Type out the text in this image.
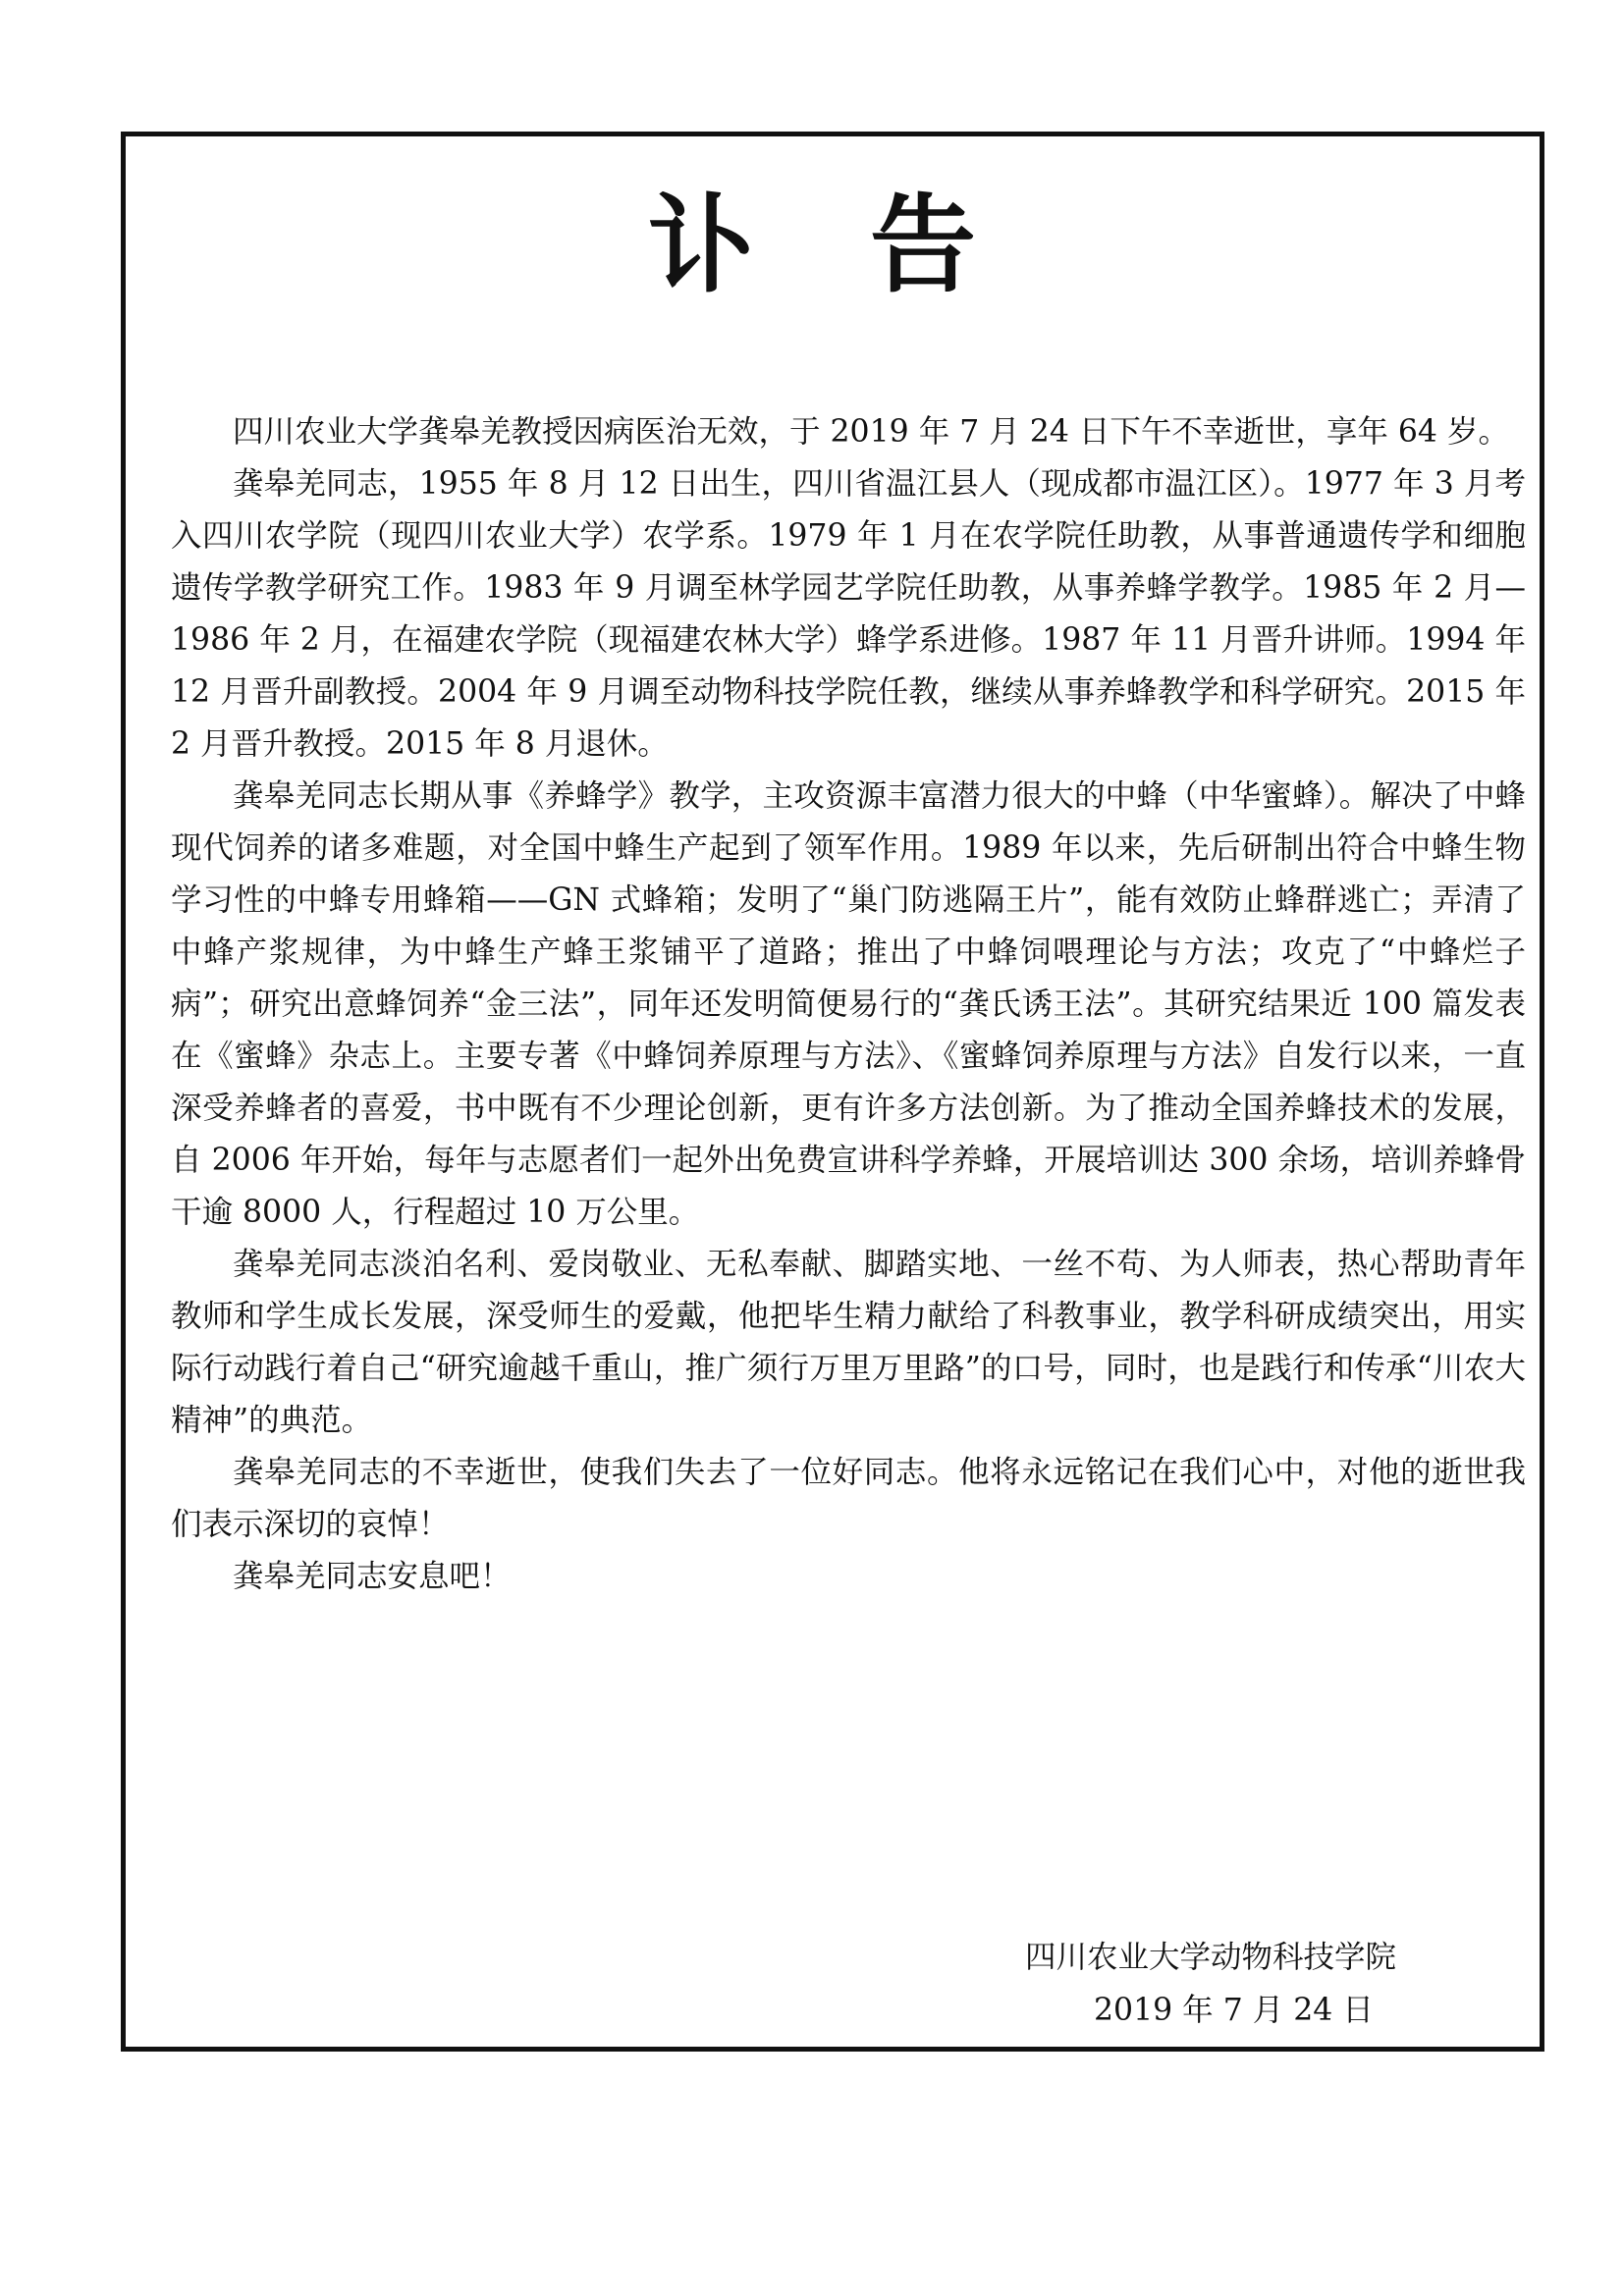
讣告

四川农业大学龚皋羌教授因病医治无效，于 2019 年 7 月 24 日下午不幸逝世，享年 64 岁。

龚皋羌同志，1955 年 8 月 12 日出生，四川省温江县人（现成都市温江区）。1977 年 3 月考入四川农学院（现四川农业大学）农学系。1979 年 1 月在农学院任助教，从事普通遗传学和细胞遗传学教学研究工作。1983 年 9 月调至林学园艺学院任助教，从事养蜂学教学。1985 年 2 月—1986 年 2 月，在福建农学院（现福建农林大学）蜂学系进修。1987 年 11 月晋升讲师。1994 年 12 月晋升副教授。2004 年 9 月调至动物科技学院任教，继续从事养蜂教学和科学研究。2015 年 2 月晋升教授。2015 年 8 月退休。

龚皋羌同志长期从事《养蜂学》教学，主攻资源丰富潜力很大的中蜂（中华蜜蜂）。解决了中蜂现代饲养的诸多难题，对全国中蜂生产起到了领军作用。1989 年以来，先后研制出符合中蜂生物学习性的中蜂专用蜂箱——GN 式蜂箱；发明了“巢门防逃隔王片”，能有效防止蜂群逃亡；弄清了中蜂产浆规律，为中蜂生产蜂王浆铺平了道路；推出了中蜂饲喂理论与方法；攻克了“中蜂烂子病”；研究出意蜂饲养“金三法”，同年还发明简便易行的“龚氏诱王法”。其研究结果近 100 篇发表在《蜜蜂》杂志上。主要专著《中蜂饲养原理与方法》、《蜜蜂饲养原理与方法》自发行以来，一直深受养蜂者的喜爱，书中既有不少理论创新，更有许多方法创新。为了推动全国养蜂技术的发展，自 2006 年开始，每年与志愿者们一起外出免费宣讲科学养蜂，开展培训达 300 余场，培训养蜂骨干逾 8000 人，行程超过 10 万公里。

龚皋羌同志淡泊名利、爱岗敬业、无私奉献、脚踏实地、一丝不苟、为人师表，热心帮助青年教师和学生成长发展，深受师生的爱戴，他把毕生精力献给了科教事业，教学科研成绩突出，用实际行动践行着自己“研究逾越千重山，推广须行万里万里路”的口号，同时，也是践行和传承“川农大精神”的典范。

龚皋羌同志的不幸逝世，使我们失去了一位好同志。他将永远铭记在我们心中，对他的逝世我们表示深切的哀悼！

龚皋羌同志安息吧！

四川农业大学动物科技学院
2019 年 7 月 24 日
